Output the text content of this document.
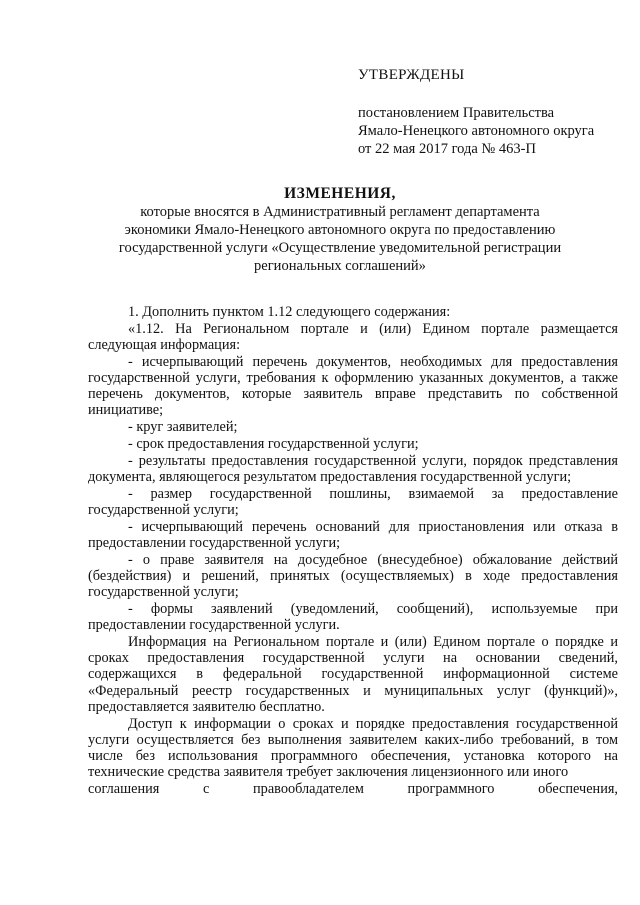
УТВЕРЖДЕНЫ
постановлением Правительства
Ямало-Ненецкого автономного округа
от 22 мая 2017 года № 463-П
ИЗМЕНЕНИЯ,
которые вносятся в Административный регламент департамента
экономики Ямало-Ненецкого автономного округа по предоставлению
государственной услуги «Осуществление уведомительной регистрации
региональных соглашений»

1. Дополнить пунктом 1.12 следующего содержания:

«1.12. На Региональном портале и (или) Едином портале размещается следующая информация:

- исчерпывающий перечень документов, необходимых для предоставления государственной услуги, требования к оформлению указанных документов, а также перечень документов, которые заявитель вправе представить по собственной инициативе;

- круг заявителей;

- срок предоставления государственной услуги;

- результаты предоставления государственной услуги, порядок представления документа, являющегося результатом предоставления государственной услуги;

- размер государственной пошлины, взимаемой за предоставление государственной услуги;

- исчерпывающий перечень оснований для приостановления или отказа в предоставлении государственной услуги;

- о праве заявителя на досудебное (внесудебное) обжалование действий (бездействия) и решений, принятых (осуществляемых) в ходе предоставления государственной услуги;

- формы заявлений (уведомлений, сообщений), используемые при предоставлении государственной услуги.

Информация на Региональном портале и (или) Едином портале о порядке и сроках предоставления государственной услуги на основании сведений, содержащихся в федеральной государственной информационной системе «Федеральный реестр государственных и муниципальных услуг (функций)», предоставляется заявителю бесплатно.

Доступ к информации о сроках и порядке предоставления государственной услуги осуществляется без выполнения заявителем каких-либо требований, в том числе без использования программного обеспечения, установка которого на технические средства заявителя требует заключения лицензионного или иного

соглашения с правообладателем программного обеспечения,
